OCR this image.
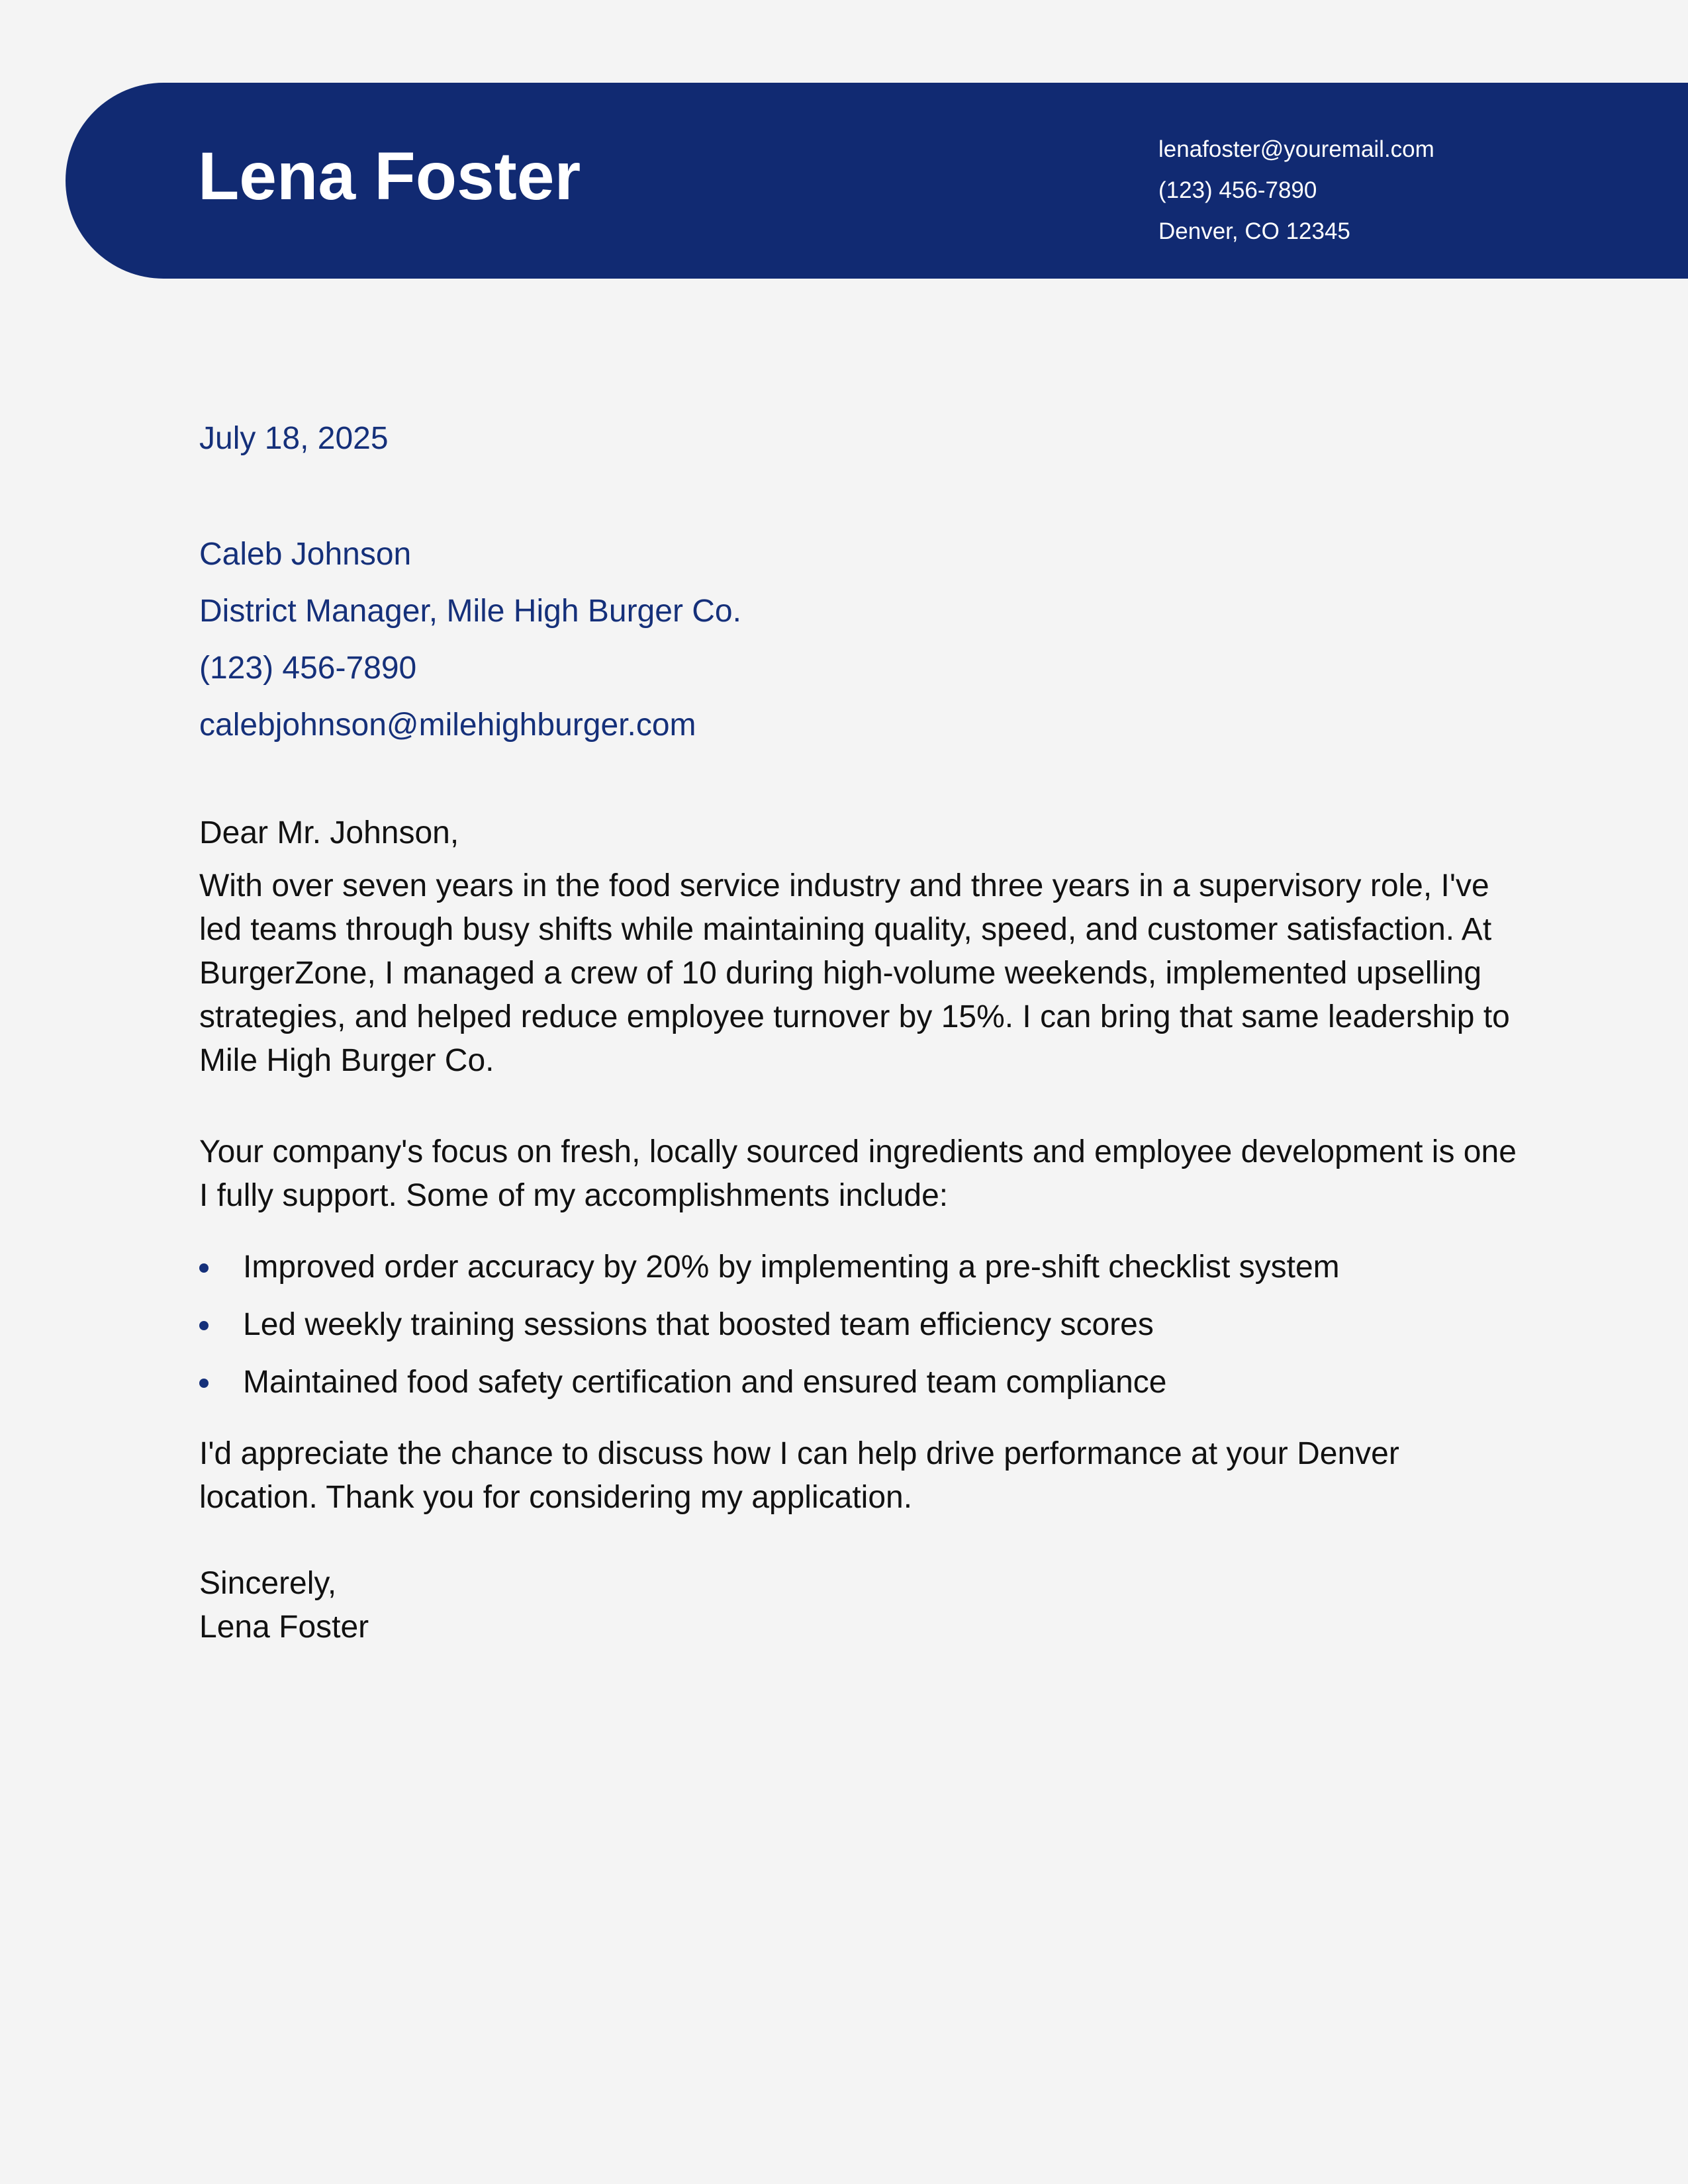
Lena Foster	lenafoster@youremail.com
(123) 456-7890
Denver, CO 12345
July 18, 2025
Caleb Johnson
District Manager, Mile High Burger Co.
(123) 456-7890
calebjohnson@milehighburger.com
Dear Mr. Johnson,
With over seven years in the food service industry and three years in a supervisory role, I've led teams through busy shifts while maintaining quality, speed, and customer satisfaction. At BurgerZone, I managed a crew of 10 during high-volume weekends, implemented upselling strategies, and helped reduce employee turnover by 15%. I can bring that same leadership to Mile High Burger Co.
Your company's focus on fresh, locally sourced ingredients and employee development is one I fully support. Some of my accomplishments include:
Improved order accuracy by 20% by implementing a pre-shift checklist system
Led weekly training sessions that boosted team efficiency scores
Maintained food safety certification and ensured team compliance
I'd appreciate the chance to discuss how I can help drive performance at your Denver location. Thank you for considering my application.
Sincerely,
Lena Foster
